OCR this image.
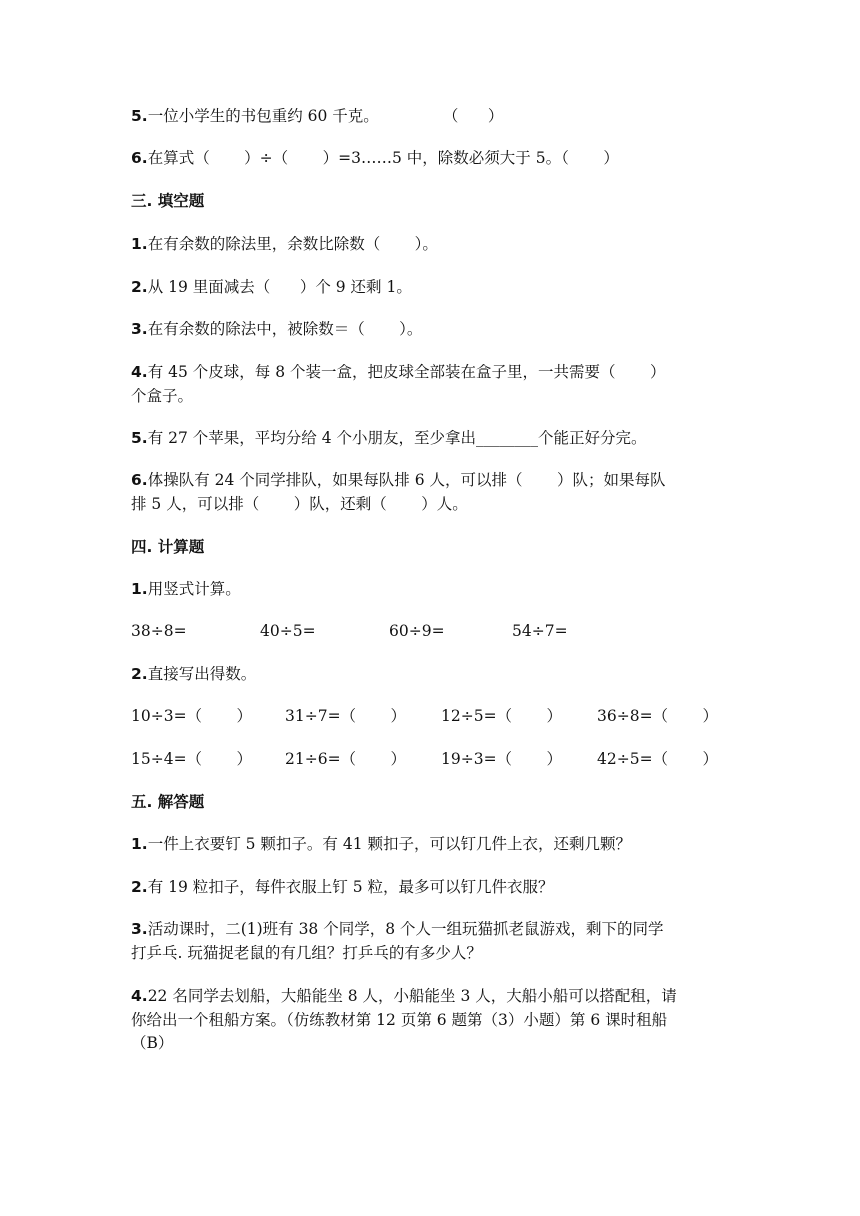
5.一位小学生的书包重约 60 千克。             （      ）
6.在算式（       ）÷（       ）=3……5 中，除数必须大于 5。（       ）
三. 填空题
1.在有余数的除法里，余数比除数（       ）。
2.从 19 里面减去（      ）个 9 还剩 1。
3.在有余数的除法中，被除数＝（       ）。
4.有 45 个皮球，每 8 个装一盒，把皮球全部装在盒子里，一共需要（       ）
个盒子。
5.有 27 个苹果，平均分给 4 个小朋友，至少拿出________个能正好分完。
6.体操队有 24 个同学排队，如果每队排 6 人，可以排（       ）队；如果每队
排 5 人，可以排（       ）队，还剩（       ）人。
四. 计算题
1.用竖式计算。
38÷8=	40÷5=	60÷9=	54÷7=
2.直接写出得数。
10÷3=（       ） 31÷7=（       ） 12÷5=（       ） 36÷8=（       ）
15÷4=（       ） 21÷6=（       ） 19÷3=（       ） 42÷5=（       ）
五. 解答题
1.一件上衣要钉 5 颗扣子。有 41 颗扣子，可以钉几件上衣，还剩几颗？
2.有 19 粒扣子，每件衣服上钉 5 粒，最多可以钉几件衣服？
3.活动课时，二(1)班有 38 个同学，8 个人一组玩猫抓老鼠游戏，剩下的同学
打乒乓. 玩猫捉老鼠的有几组？打乒乓的有多少人？
4.22 名同学去划船，大船能坐 8 人，小船能坐 3 人，大船小船可以搭配租，请
你给出一个租船方案。（仿练教材第 12 页第 6 题第（3）小题）第 6 课时租船
（B）
